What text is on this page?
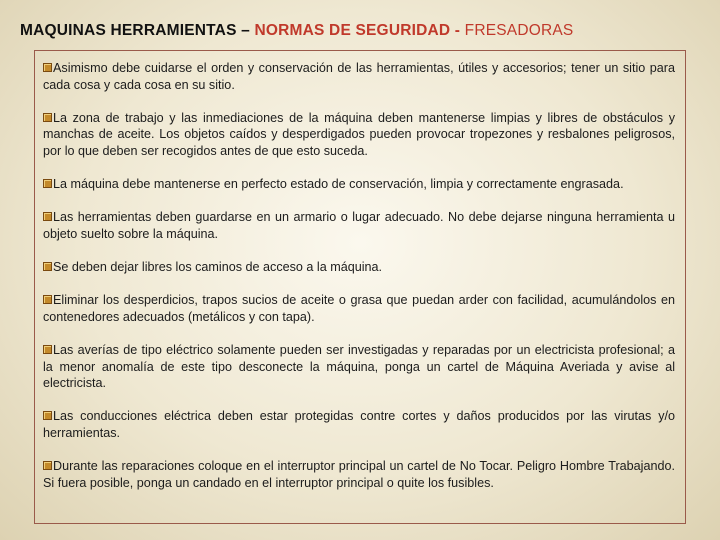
MAQUINAS HERRAMIENTAS – NORMAS DE SEGURIDAD - FRESADORAS

Asimismo debe cuidarse el orden y conservación de las herramientas, útiles y accesorios; tener un sitio para cada cosa y cada cosa en su sitio.

La zona de trabajo y las inmediaciones de la máquina deben mantenerse limpias y libres de obstáculos y manchas de aceite. Los objetos caídos y desperdigados pueden provocar tropezones y resbalones peligrosos, por lo que deben ser recogidos antes de que esto suceda.

La máquina debe mantenerse en perfecto estado de conservación, limpia y correctamente engrasada.

Las herramientas deben guardarse en un armario o lugar adecuado. No debe dejarse ninguna herramienta u objeto suelto sobre la máquina.

Se deben dejar libres los caminos de acceso a la máquina.

Eliminar los desperdicios, trapos sucios de aceite o grasa que puedan arder con facilidad, acumulándolos en contenedores adecuados (metálicos y con tapa).

Las averías de tipo eléctrico solamente pueden ser investigadas y reparadas por un electricista profesional; a la menor anomalía de este tipo desconecte la máquina, ponga un cartel de Máquina Averiada y avise al electricista.

Las conducciones eléctrica deben estar protegidas contre cortes y daños producidos por las virutas y/o herramientas.

Durante las reparaciones coloque en el interruptor principal un cartel de No Tocar. Peligro Hombre Trabajando. Si fuera posible, ponga un candado en el interruptor principal o quite los fusibles.
